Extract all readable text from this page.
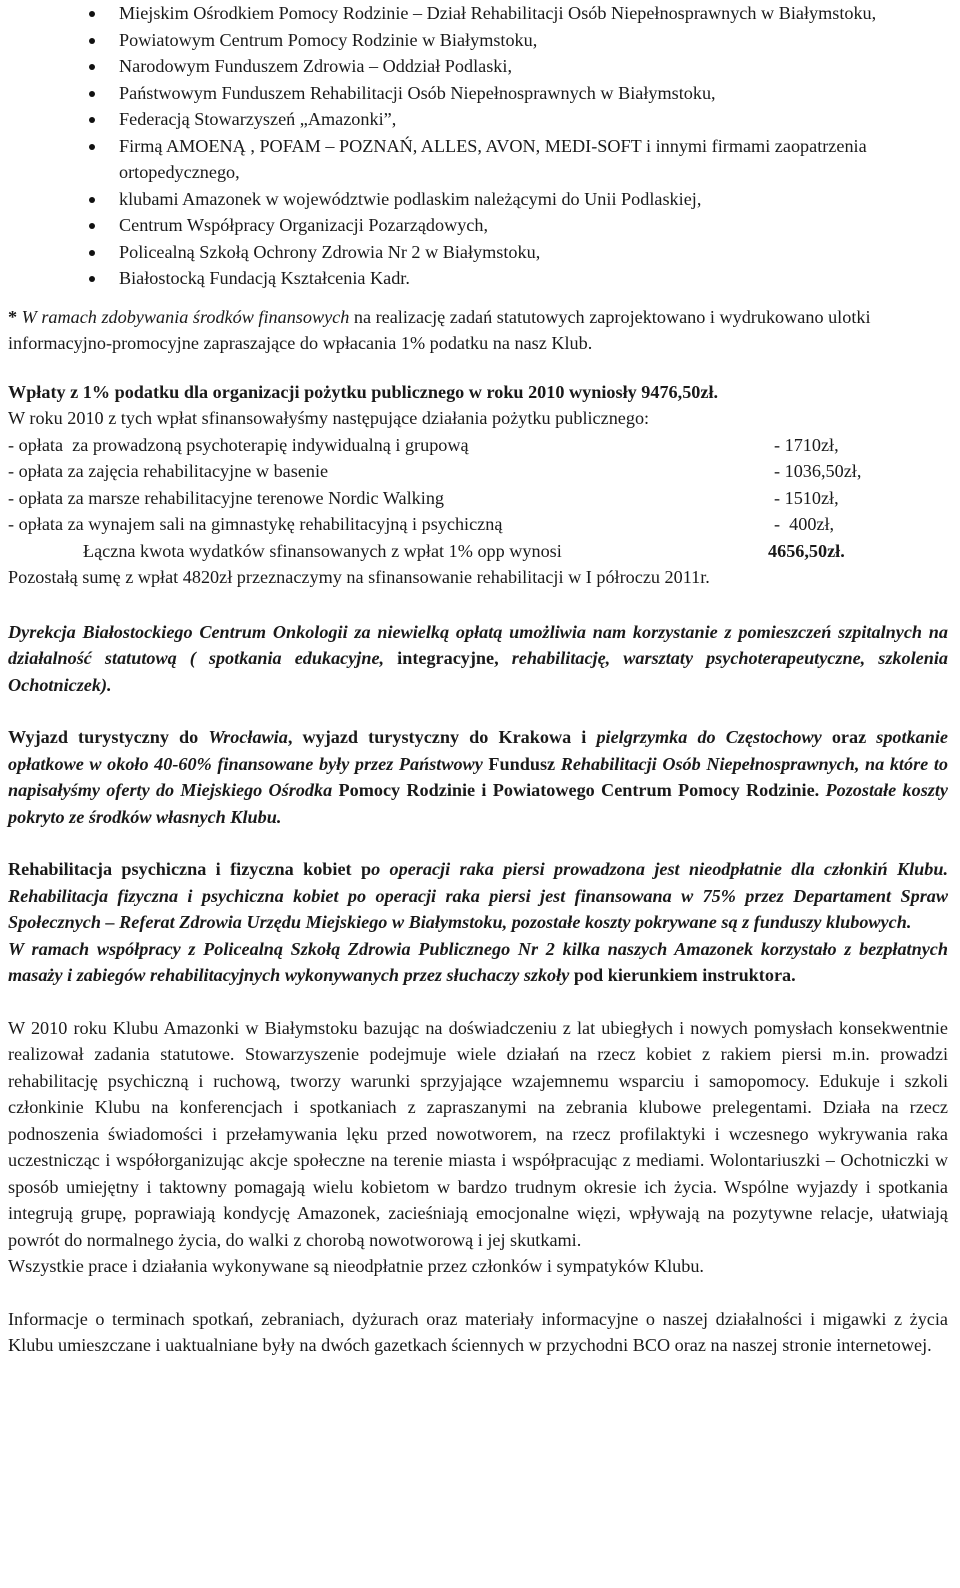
Miejskim Ośrodkiem Pomocy Rodzinie – Dział Rehabilitacji Osób Niepełnosprawnych w Białymstoku,
Powiatowym Centrum Pomocy Rodzinie w Białymstoku,
Narodowym Funduszem Zdrowia – Oddział Podlaski,
Państwowym Funduszem Rehabilitacji Osób Niepełnosprawnych w Białymstoku,
Federacją Stowarzyszeń „Amazonki”,
Firmą AMOENĄ , POFAM – POZNAŃ, ALLES, AVON, MEDI-SOFT i innymi firmami zaopatrzenia ortopedycznego,
klubami Amazonek w województwie podlaskim należącymi do Unii Podlaskiej,
Centrum Współpracy Organizacji Pozarządowych,
Policealną Szkołą Ochrony Zdrowia Nr 2 w Białymstoku,
Białostocką Fundacją Kształcenia Kadr.

* W ramach zdobywania środków finansowych na realizację zadań statutowych zaprojektowano i wydrukowano ulotki informacyjno-promocyjne zapraszające do wpłacania 1% podatku na nasz Klub.

Wpłaty z 1% podatku dla organizacji pożytku publicznego w roku 2010 wyniosły 9476,50zł.

W roku 2010 z tych wpłat sfinansowałyśmy następujące działania pożytku publicznego:

- opłata  za prowadzoną psychoterapię indywidualną i grupową	- 1710zł,
- opłata za zajęcia rehabilitacyjne w basenie	- 1036,50zł,
- opłata za marsze rehabilitacyjne terenowe Nordic Walking	- 1510zł,
- opłata za wynajem sali na gimnastykę rehabilitacyjną i psychiczną	-  400zł,
Łączna kwota wydatków sfinansowanych z wpłat 1% opp wynosi	4656,50zł.

Pozostałą sumę z wpłat 4820zł przeznaczymy na sfinansowanie rehabilitacji w I półroczu 2011r.

Dyrekcja Białostockiego Centrum Onkologii za niewielką opłatą umożliwia nam korzystanie z pomieszczeń szpitalnych na działalność statutową ( spotkania edukacyjne, integracyjne, rehabilitację, warsztaty psychoterapeutyczne, szkolenia Ochotniczek).

Wyjazd turystyczny do Wrocławia, wyjazd turystyczny do Krakowa i pielgrzymka do Częstochowy oraz spotkanie opłatkowe w około 40-60% finansowane były przez Państwowy Fundusz Rehabilitacji Osób Niepełnosprawnych, na które to napisałyśmy oferty do Miejskiego Ośrodka Pomocy Rodzinie i Powiatowego Centrum Pomocy Rodzinie. Pozostałe koszty pokryto ze środków własnych Klubu.

Rehabilitacja psychiczna i fizyczna kobiet po operacji raka piersi prowadzona jest nieodpłatnie dla członkiń Klubu. Rehabilitacja fizyczna i psychiczna kobiet po operacji raka piersi jest finansowana w 75% przez Departament Spraw Społecznych – Referat Zdrowia Urzędu Miejskiego w Białymstoku, pozostałe koszty pokrywane są z funduszy klubowych.

W ramach współpracy z Policealną Szkołą Zdrowia Publicznego Nr 2 kilka naszych Amazonek korzystało z bezpłatnych masaży i zabiegów rehabilitacyjnych wykonywanych przez słuchaczy szkoły pod kierunkiem instruktora.

W 2010 roku Klubu Amazonki w Białymstoku bazując na doświadczeniu z lat ubiegłych i nowych pomysłach konsekwentnie realizował zadania statutowe. Stowarzyszenie podejmuje wiele działań na rzecz kobiet z rakiem piersi m.in. prowadzi rehabilitację psychiczną i ruchową, tworzy warunki sprzyjające wzajemnemu wsparciu i samopomocy. Edukuje i szkoli członkinie Klubu na konferencjach i spotkaniach z zapraszanymi na zebrania klubowe prelegentami. Działa na rzecz podnoszenia świadomości i przełamywania lęku przed nowotworem, na rzecz profilaktyki i wczesnego wykrywania raka uczestnicząc i współorganizując akcje społeczne na terenie miasta i współpracując z mediami. Wolontariuszki – Ochotniczki w sposób umiejętny i taktowny pomagają wielu kobietom w bardzo trudnym okresie ich życia. Wspólne wyjazdy i spotkania integrują grupę, poprawiają kondycję Amazonek, zacieśniają emocjonalne więzi, wpływają na pozytywne relacje, ułatwiają powrót do normalnego życia, do walki z chorobą nowotworową i jej skutkami.

Wszystkie prace i działania wykonywane są nieodpłatnie przez członków i sympatyków Klubu.

Informacje o terminach spotkań, zebraniach, dyżurach oraz materiały informacyjne o naszej działalności i migawki z życia Klubu umieszczane i uaktualniane były na dwóch gazetkach ściennych w przychodni BCO oraz na naszej stronie internetowej.
